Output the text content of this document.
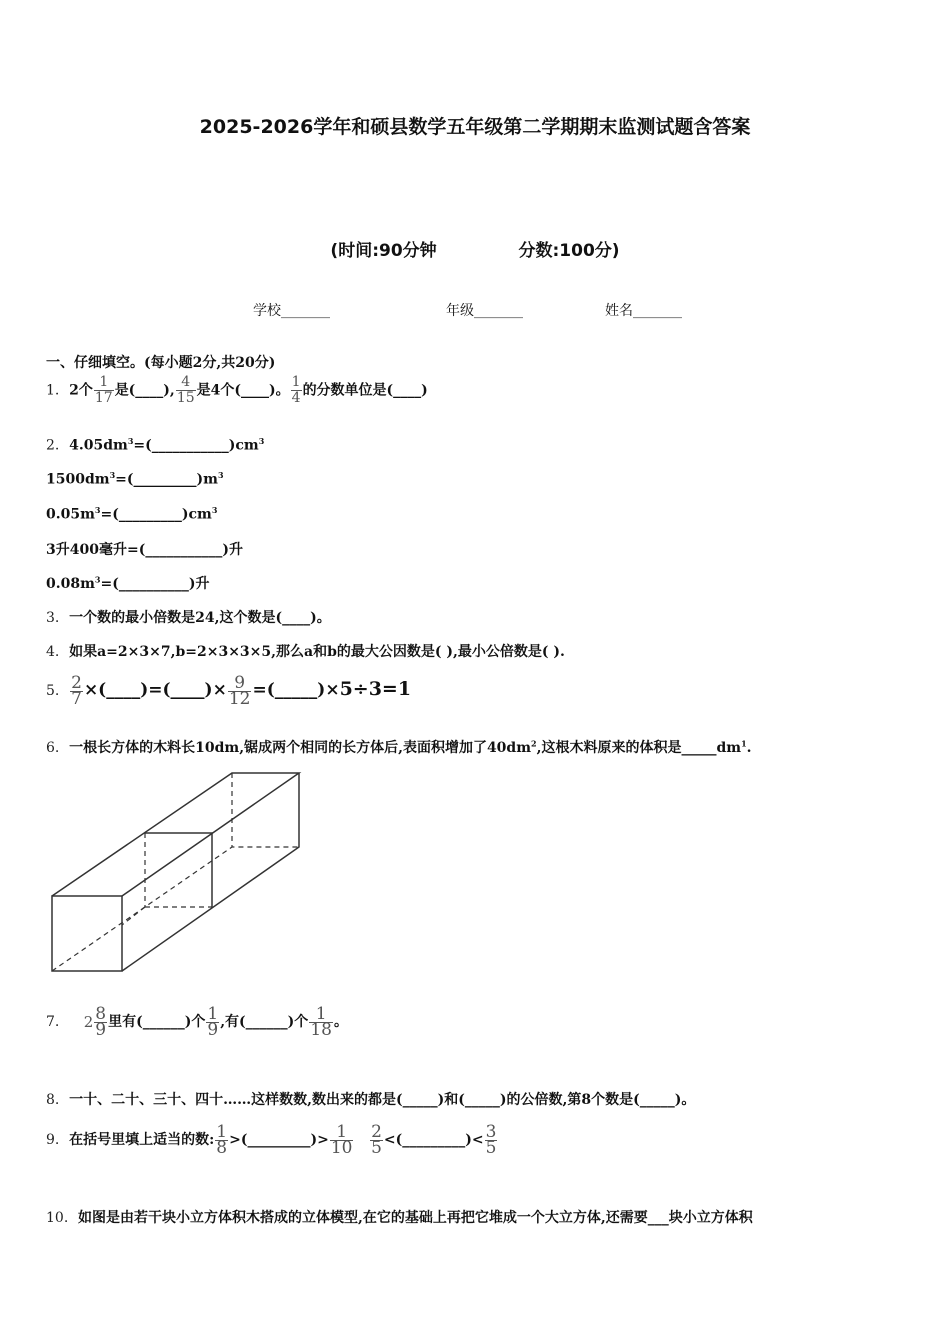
2025-2026学年和硕县数学五年级第二学期期末监测试题含答案
(时间:90分钟	分数:100分)
学校_______	年级_______	姓名_______
一、仔细填空。(每小题2分,共20分)
1. 2个 $\frac{1}{17}$ 是(____), $\frac{4}{15}$ 是4个(____)。 $\frac{1}{4}$ 的分数单位是(____)
2. $4.05dm^3=(\_\_\_\_\_\_\_\_\_\_\_)cm^3$
$1500dm^3=(\_\_\_\_\_\_\_\_\_)m^3$
$0.05m^3=(\_\_\_\_\_\_\_\_\_)cm^3$
3升400毫升=(___________)升
$0.08m^3=(\_\_\_\_\_\_\_\_\_\_)$升
3. 一个数的最小倍数是24,这个数是(____)。
4. 如果a=2×3×7,b=2×3×3×5,那么a和b的最大公因数是( ),最小公倍数是( ).
5. $\frac{2}{7}$ ×(____)=(____)× $\frac{9}{12}$ =(_____)×5÷3=1
6. 一根长方体的木料长10dm,锯成两个相同的长方体后,表面积增加了$40dm^2$,这根木料原来的体积是$\_\_\_\_\_dm^1$.
7. $2 \frac{8}{9}$ 里有(______)个 $\frac{1}{9}$ ,有(______)个 $\frac{1}{18}$ 。
8. 一十、二十、三十、四十……这样数数,数出来的都是(_____)和(_____)的公倍数,第8个数是(_____)。
9. 在括号里填上适当的数: $\frac{1}{8}$ >(_________)> $\frac{1}{10}$
$\frac{2}{5}$ <(_________)< $\frac{3}{5}$
10. 如图是由若干块小立方体积木搭成的立体模型,在它的基础上再把它堆成一个大立方体,还需要___块小立方体积
